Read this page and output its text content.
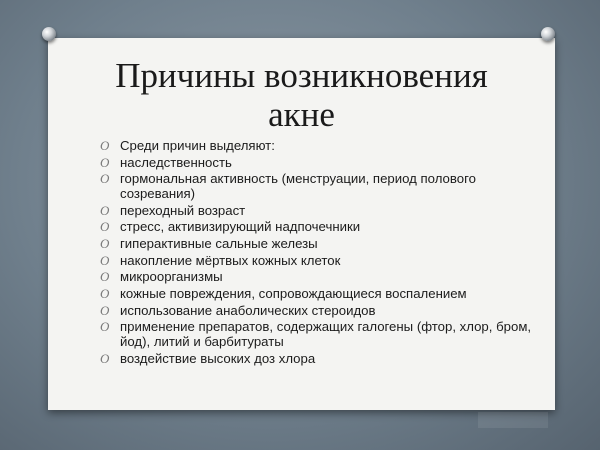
Причины возникновения
акне
O Среди причин выделяют:
O наследственность
O гормональная активность (менструации, период полового созревания)
O переходный возраст
O стресс, активизирующий надпочечники
O гиперактивные сальные железы
O накопление мёртвых кожных клеток
O микроорганизмы
O кожные повреждения, сопровождающиеся воспалением
O использование анаболических стероидов
O применение препаратов, содержащих галогены (фтор, хлор, бром, йод), литий и барбитураты
O воздействие высоких доз хлора
